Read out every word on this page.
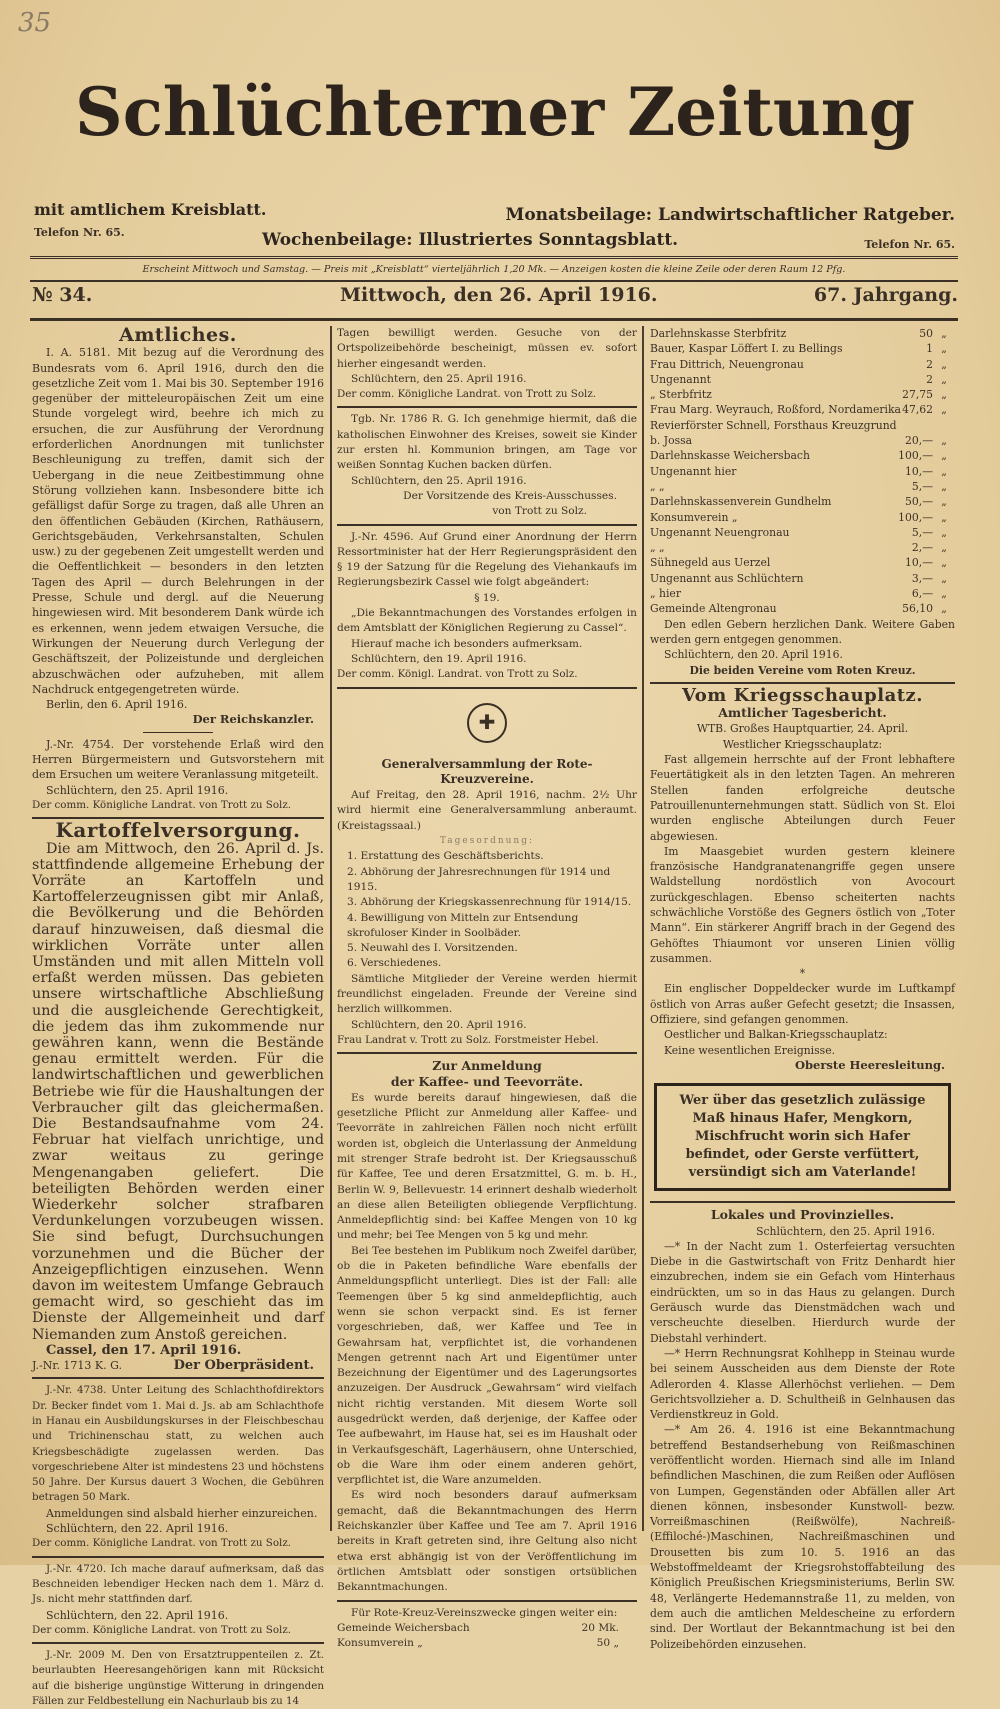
35
Schlüchterner Zeitung
mit amtlichem Kreisblatt.
Telefon Nr. 65.
Monatsbeilage: Landwirtschaftlicher Ratgeber.
Wochenbeilage: Illustriertes Sonntagsblatt.	Telefon Nr. 65.
Erscheint Mittwoch und Samstag. — Preis mit „Kreisblatt“ vierteljährlich 1,20 Mk. — Anzeigen kosten die kleine Zeile oder deren Raum 12 Pfg.
№ 34.	Mittwoch, den 26. April 1916.	67. Jahrgang.
Amtliches.

I. A. 5181. Mit bezug auf die Verordnung des Bundesrats vom 6. April 1916, durch den die gesetzliche Zeit vom 1. Mai bis 30. September 1916 gegenüber der mitteleuropäischen Zeit um eine Stunde vorgelegt wird, beehre ich mich zu ersuchen, die zur Ausführung der Verordnung erforderlichen Anordnungen mit tunlichster Beschleunigung zu treffen, damit sich der Uebergang in die neue Zeitbestimmung ohne Störung vollziehen kann. Insbesondere bitte ich gefälligst dafür Sorge zu tragen, daß alle Uhren an den öffentlichen Gebäuden (Kirchen, Rathäusern, Gerichtsgebäuden, Verkehrsanstalten, Schulen usw.) zu der gegebenen Zeit umgestellt werden und die Oeffentlichkeit — besonders in den letzten Tagen des April — durch Belehrungen in der Presse, Schule und dergl. auf die Neuerung hingewiesen wird. Mit besonderem Dank würde ich es erkennen, wenn jedem etwaigen Versuche, die Wirkungen der Neuerung durch Verlegung der Geschäftszeit, der Polizeistunde und dergleichen abzuschwächen oder aufzuheben, mit allem Nachdruck entgegengetreten würde.

Berlin, den 6. April 1916.
Der Reichskanzler.

J.-Nr. 4754. Der vorstehende Erlaß wird den Herren Bürgermeistern und Gutsvorstehern mit dem Ersuchen um weitere Veranlassung mitgeteilt.

Schlüchtern, den 25. April 1916.
Der comm. Königliche Landrat. von Trott zu Solz.
Kartoffelversorgung.

Die am Mittwoch, den 26. April d. Js. stattfindende allgemeine Erhebung der Vorräte an Kartoffeln und Kartoffelerzeugnissen gibt mir Anlaß, die Bevölkerung und die Behörden darauf hinzuweisen, daß diesmal die wirklichen Vorräte unter allen Umständen und mit allen Mitteln voll erfaßt werden müssen. Das gebieten unsere wirtschaftliche Abschließung und die ausgleichende Gerechtigkeit, die jedem das ihm zukommende nur gewähren kann, wenn die Bestände genau ermittelt werden. Für die landwirtschaftlichen und gewerblichen Betriebe wie für die Haushaltungen der Verbraucher gilt das gleichermaßen. Die Bestandsaufnahme vom 24. Februar hat vielfach unrichtige, und zwar weitaus zu geringe Mengenangaben geliefert. Die beteiligten Behörden werden einer Wiederkehr solcher strafbaren Verdunkelungen vorzubeugen wissen. Sie sind befugt, Durchsuchungen vorzunehmen und die Bücher der Anzeigepflichtigen einzusehen. Wenn davon im weitestem Umfange Gebrauch gemacht wird, so geschieht das im Dienste der Allgemeinheit und darf Niemanden zum Anstoß gereichen.

Cassel, den 17. April 1916.
J.-Nr. 1713 K. G.	Der Oberpräsident.

J.-Nr. 4738. Unter Leitung des Schlachthofdirektors Dr. Becker findet vom 1. Mai d. Js. ab am Schlachthofe in Hanau ein Ausbildungskurses in der Fleischbeschau und Trichinenschau statt, zu welchen auch Kriegsbeschädigte zugelassen werden. Das vorgeschriebene Alter ist mindestens 23 und höchstens 50 Jahre. Der Kursus dauert 3 Wochen, die Gebühren betragen 50 Mark.

Anmeldungen sind alsbald hierher einzureichen.
Schlüchtern, den 22. April 1916.
Der comm. Königliche Landrat. von Trott zu Solz.

J.-Nr. 4720. Ich mache darauf aufmerksam, daß das Beschneiden lebendiger Hecken nach dem 1. März d. Js. nicht mehr stattfinden darf.

Schlüchtern, den 22. April 1916.
Der comm. Königliche Landrat. von Trott zu Solz.

J.-Nr. 2009 M. Den von Ersatztruppenteilen z. Zt. beurlaubten Heeresangehörigen kann mit Rücksicht auf die bisherige ungünstige Witterung in dringenden Fällen zur Feldbestellung ein Nachurlaub bis zu 14

Tagen bewilligt werden. Gesuche von der Ortspolizeibehörde bescheinigt, müssen ev. sofort hierher eingesandt werden.

Schlüchtern, den 25. April 1916.
Der comm. Königliche Landrat. von Trott zu Solz.

Tgb. Nr. 1786 R. G. Ich genehmige hiermit, daß die katholischen Einwohner des Kreises, soweit sie Kinder zur ersten hl. Kommunion bringen, am Tage vor weißen Sonntag Kuchen backen dürfen.

Schlüchtern, den 25. April 1916.
Der Vorsitzende des Kreis-Ausschusses.
von Trott zu Solz.

J.-Nr. 4596. Auf Grund einer Anordnung der Herrn Ressortminister hat der Herr Regierungspräsident den § 19 der Satzung für die Regelung des Viehankaufs im Regierungsbezirk Cassel wie folgt abgeändert:

§ 19.

„Die Bekanntmachungen des Vorstandes erfolgen in dem Amtsblatt der Königlichen Regierung zu Cassel“.

Hierauf mache ich besonders aufmerksam.
Schlüchtern, den 19. April 1916.
Der comm. Königl. Landrat. von Trott zu Solz.
✚
Generalversammlung der Rote-Kreuzvereine.

Auf Freitag, den 28. April 1916, nachm. 2½ Uhr wird hiermit eine Generalversammlung anberaumt. (Kreistagssaal.)

Tagesordnung:
1. Erstattung des Geschäftsberichts.
2. Abhörung der Jahresrechnungen für 1914 und 1915.
3. Abhörung der Kriegskassenrechnung für 1914/15.
4. Bewilligung von Mitteln zur Entsendung skrofuloser Kinder in Soolbäder.
5. Neuwahl des I. Vorsitzenden.
6. Verschiedenes.

Sämtliche Mitglieder der Vereine werden hiermit freundlichst eingeladen. Freunde der Vereine sind herzlich willkommen.

Schlüchtern, den 20. April 1916.
Frau Landrat v. Trott zu Solz. Forstmeister Hebel.
Zur Anmeldung
der Kaffee- und Teevorräte.

Es wurde bereits darauf hingewiesen, daß die gesetzliche Pflicht zur Anmeldung aller Kaffee- und Teevorräte in zahlreichen Fällen noch nicht erfüllt worden ist, obgleich die Unterlassung der Anmeldung mit strenger Strafe bedroht ist. Der Kriegsausschuß für Kaffee, Tee und deren Ersatzmittel, G. m. b. H., Berlin W. 9, Bellevuestr. 14 erinnert deshalb wiederholt an diese allen Beteiligten obliegende Verpflichtung. Anmeldepflichtig sind: bei Kaffee Mengen von 10 kg und mehr; bei Tee Mengen von 5 kg und mehr.

Bei Tee bestehen im Publikum noch Zweifel darüber, ob die in Paketen befindliche Ware ebenfalls der Anmeldungspflicht unterliegt. Dies ist der Fall: alle Teemengen über 5 kg sind anmeldepflichtig, auch wenn sie schon verpackt sind. Es ist ferner vorgeschrieben, daß, wer Kaffee und Tee in Gewahrsam hat, verpflichtet ist, die vorhandenen Mengen getrennt nach Art und Eigentümer unter Bezeichnung der Eigentümer und des Lagerungsortes anzuzeigen. Der Ausdruck „Gewahrsam“ wird vielfach nicht richtig verstanden. Mit diesem Worte soll ausgedrückt werden, daß derjenige, der Kaffee oder Tee aufbewahrt, im Hause hat, sei es im Haushalt oder in Verkaufsgeschäft, Lagerhäusern, ohne Unterschied, ob die Ware ihm oder einem anderen gehört, verpflichtet ist, die Ware anzumelden.

Es wird noch besonders darauf aufmerksam gemacht, daß die Bekanntmachungen des Herrn Reichskanzler über Kaffee und Tee am 7. April 1916 bereits in Kraft getreten sind, ihre Geltung also nicht etwa erst abhängig ist von der Veröffentlichung im örtlichen Amtsblatt oder sonstigen ortsüblichen Bekanntmachungen.

Für Rote-Kreuz-Vereinszwecke gingen weiter ein:
Gemeinde Weichersbach	20 Mk.
Konsumverein „	50 „
Darlehnskasse Sterbfritz	50 „
Bauer, Kaspar Löffert I. zu Bellings	1 „
Frau Dittrich, Neuengronau	2 „
Ungenannt	2 „
„ Sterbfritz	27,75 „
Frau Marg. Weyrauch, Roßford, Nordamerika 47,62 „
Revierförster Schnell, Forsthaus Kreuzgrund b. Jossa	20,— „
Darlehnskasse Weichersbach	100,— „
Ungenannt hier	10,— „
„ „	5,— „
Darlehnskassenverein Gundhelm	50,— „
Konsumverein „	100,— „
Ungenannt Neuengronau	5,— „
„ „	2,— „
Sühnegeld aus Uerzel	10,— „
Ungenannt aus Schlüchtern	3,— „
„ hier	6,— „
Gemeinde Altengronau	56,10 „

Den edlen Gebern herzlichen Dank. Weitere Gaben werden gern entgegen genommen.

Schlüchtern, den 20. April 1916.
Die beiden Vereine vom Roten Kreuz.
Vom Kriegsschauplatz.
Amtlicher Tagesbericht.
WTB. Großes Hauptquartier, 24. April.
Westlicher Kriegsschauplatz:

Fast allgemein herrschte auf der Front lebhaftere Feuertätigkeit als in den letzten Tagen. An mehreren Stellen fanden erfolgreiche deutsche Patrouillenunternehmungen statt. Südlich von St. Eloi wurden englische Abteilungen durch Feuer abgewiesen.

Im Maasgebiet wurden gestern kleinere französische Handgranatenangriffe gegen unsere Waldstellung nordöstlich von Avocourt zurückgeschlagen. Ebenso scheiterten nachts schwächliche Vorstöße des Gegners östlich von „Toter Mann“. Ein stärkerer Angriff brach in der Gegend des Gehöftes Thiaumont vor unseren Linien völlig zusammen.

*

Ein englischer Doppeldecker wurde im Luftkampf östlich von Arras außer Gefecht gesetzt; die Insassen, Offiziere, sind gefangen genommen.

Oestlicher und Balkan-Kriegsschauplatz:
Keine wesentlichen Ereignisse.
Oberste Heeresleitung.
Wer über das gesetzlich zulässige Maß hinaus Hafer, Mengkorn, Mischfrucht worin sich Hafer befindet, oder Gerste verfüttert, versündigt sich am Vaterlande!
Lokales und Provinzielles.
Schlüchtern, den 25. April 1916.

—* In der Nacht zum 1. Osterfeiertag versuchten Diebe in die Gastwirtschaft von Fritz Denhardt hier einzubrechen, indem sie ein Gefach vom Hinterhaus eindrückten, um so in das Haus zu gelangen. Durch Geräusch wurde das Dienstmädchen wach und verscheuchte dieselben. Hierdurch wurde der Diebstahl verhindert.

—* Herrn Rechnungsrat Kohlhepp in Steinau wurde bei seinem Ausscheiden aus dem Dienste der Rote Adlerorden 4. Klasse Allerhöchst verliehen. — Dem Gerichtsvollzieher a. D. Schultheiß in Gelnhausen das Verdienstkreuz in Gold.

—* Am 26. 4. 1916 ist eine Bekanntmachung betreffend Bestandserhebung von Reißmaschinen veröffentlicht worden. Hiernach sind alle im Inland befindlichen Maschinen, die zum Reißen oder Auflösen von Lumpen, Gegenständen oder Abfällen aller Art dienen können, insbesonder Kunstwoll- bezw. Vorreißmaschinen (Reißwölfe), Nachreiß-(Effiloché-)Maschinen, Nachreißmaschinen und Drousetten bis zum 10. 5. 1916 an das Webstoffmeldeamt der Kriegsrohstoffabteilung des Königlich Preußischen Kriegsministeriums, Berlin SW. 48, Verlängerte Hedemannstraße 11, zu melden, von dem auch die amtlichen Meldescheine zu erfordern sind. Der Wortlaut der Bekanntmachung ist bei den Polizeibehörden einzusehen.
